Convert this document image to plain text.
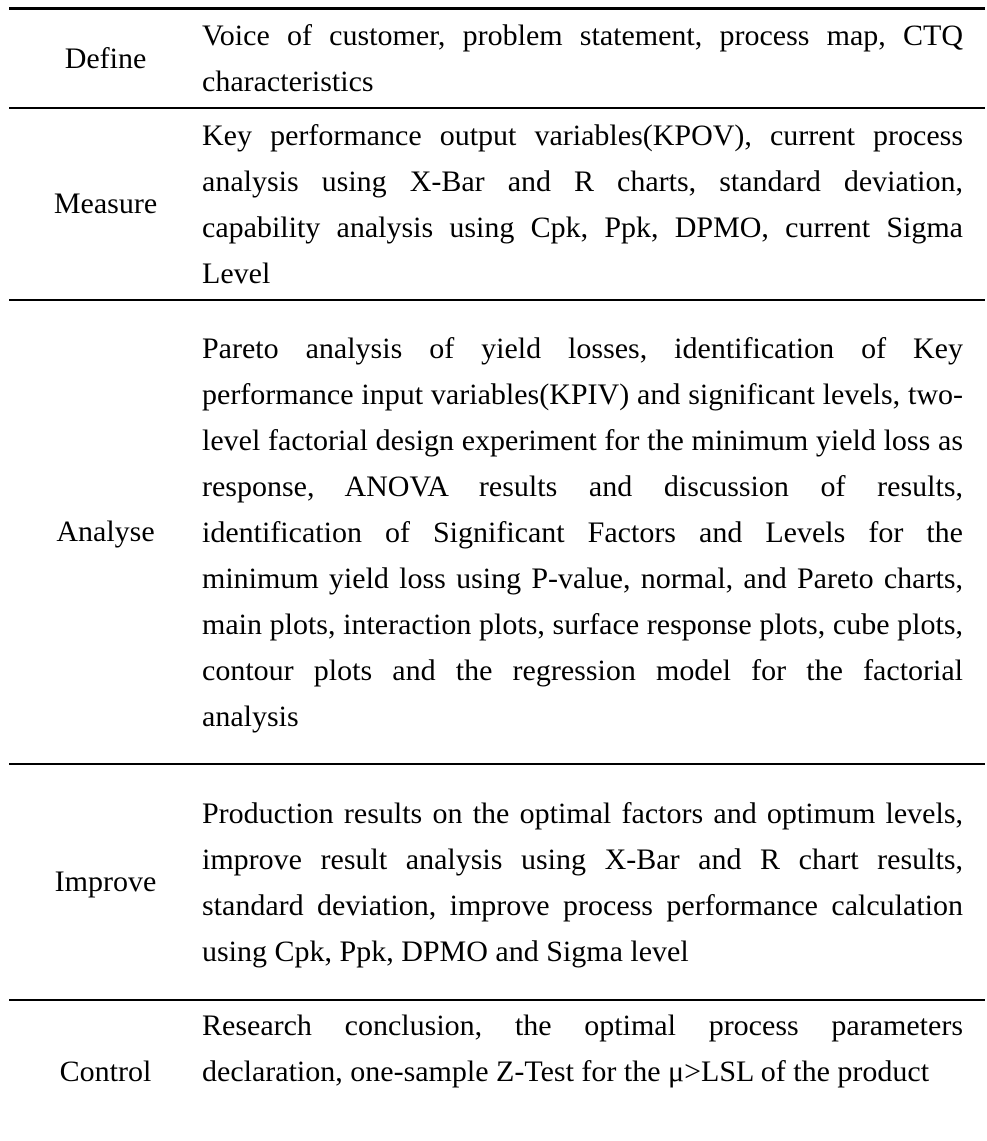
Define
Voice of customer, problem statement, process map, CTQ characteristics
Measure
Key performance output variables(KPOV), current process analysis using X-Bar and R charts, standard deviation, capability analysis using Cpk, Ppk, DPMO, current Sigma Level
Analyse
Pareto analysis of yield losses, identification of Key performance input variables(KPIV) and significant levels, two-level factorial design experiment for the minimum yield loss as response, ANOVA results and discussion of results, identification of Significant Factors and Levels for the minimum yield loss using P-value, normal, and Pareto charts, main plots, interaction plots, surface response plots, cube plots, contour plots and the regression model for the factorial analysis
Improve
Production results on the optimal factors and optimum levels, improve result analysis using X-Bar and R chart results, standard deviation, improve process performance calculation using Cpk, Ppk, DPMO and Sigma level
Control
Research conclusion, the optimal process parameters declaration, one-sample Z-Test for the μ>LSL of the product
